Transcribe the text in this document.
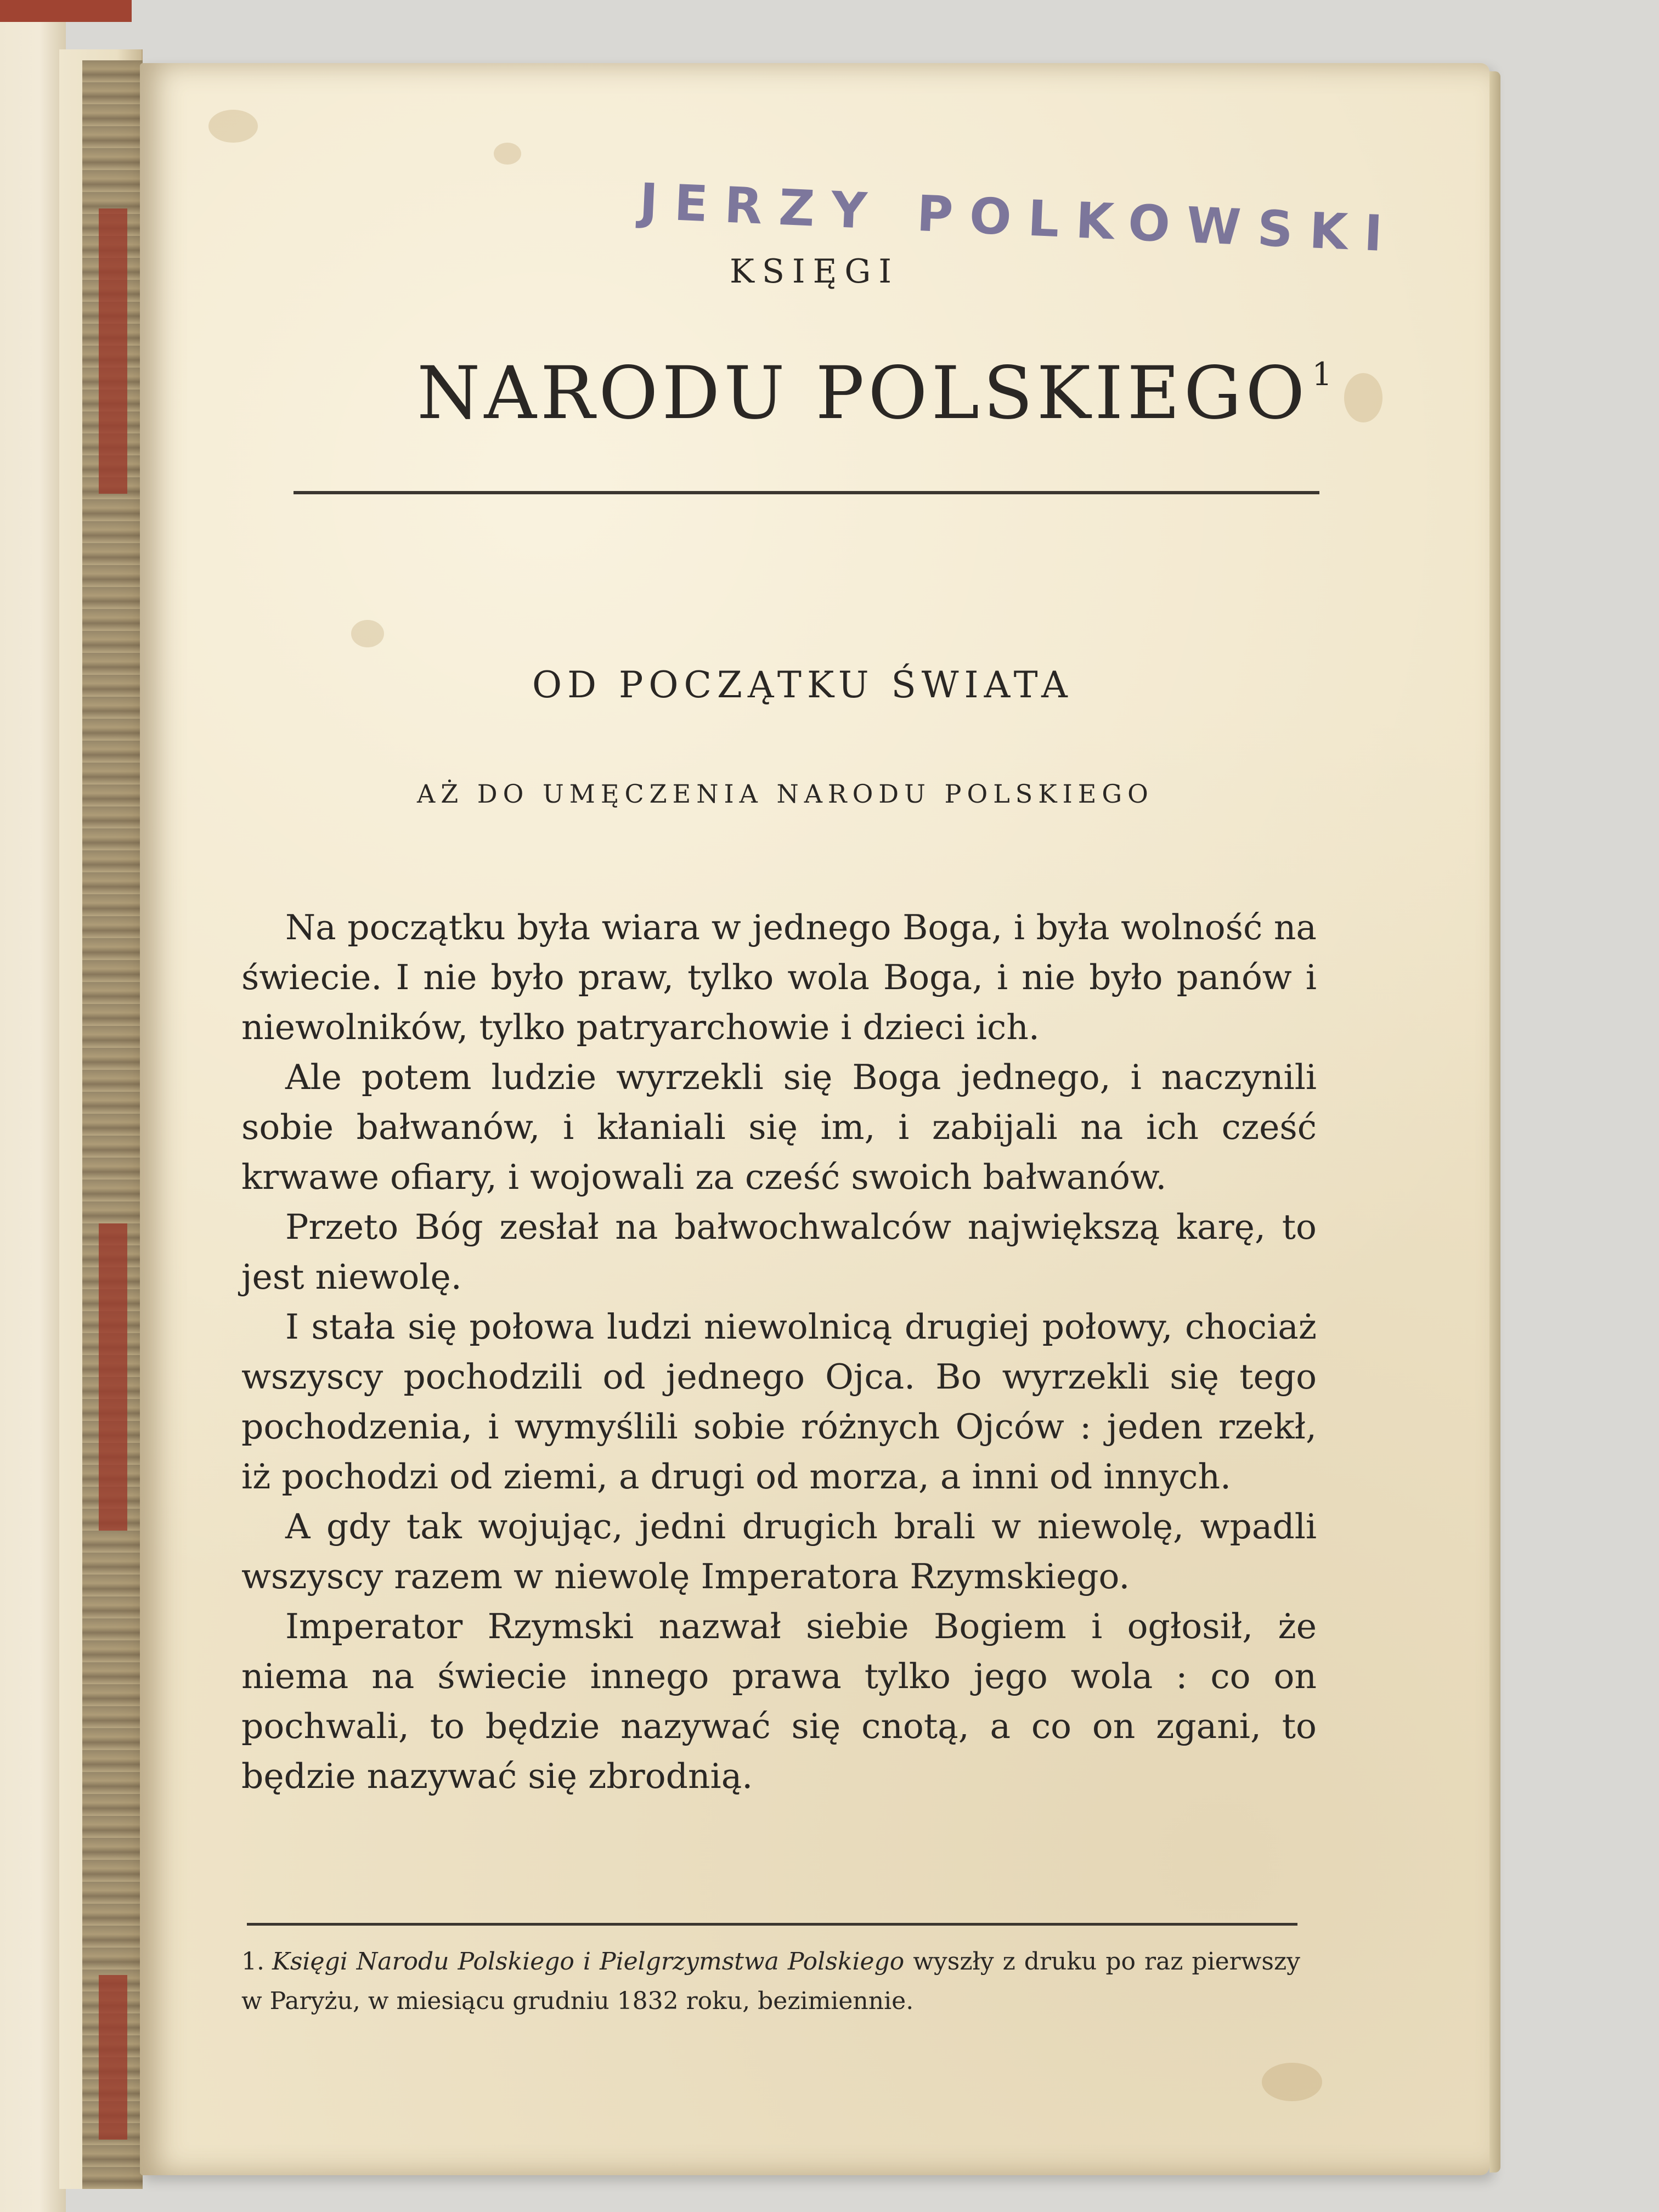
JERZY POLKOWSKI
KSIĘGI
NARODU POLSKIEGO $^1$
OD POCZĄTKU ŚWIATA
AŻ DO UMĘCZENIA NARODU POLSKIEGO

Na początku była wiara w jednego Boga, i była wolność na świecie. I nie było praw, tylko wola Boga, i nie było panów i niewolników, tylko patryarchowie i dzieci ich.

Ale potem ludzie wyrzekli się Boga jednego, i naczynili sobie bałwanów, i kłaniali się im, i zabijali na ich cześć krwawe ofiary, i wojowali za cześć swoich bałwanów.

Przeto Bóg zesłał na bałwochwalców największą karę, to jest niewolę.

I stała się połowa ludzi niewolnicą drugiej połowy, chociaż wszyscy pochodzili od jednego Ojca. Bo wyrzekli się tego pochodzenia, i wymyślili sobie różnych Ojców : jeden rzekł, iż pochodzi od ziemi, a drugi od morza, a inni od innych.

A gdy tak wojując, jedni drugich brali w niewolę, wpadli wszyscy razem w niewolę Imperatora Rzymskiego.

Imperator Rzymski nazwał siebie Bogiem i ogłosił, że niema na świecie innego prawa tylko jego wola : co on pochwali, to będzie nazywać się cnotą, a co on zgani, to będzie nazywać się zbrodnią.

1. Księgi Narodu Polskiego i Pielgrzymstwa Polskiego wyszły z druku po raz pierwszy w Paryżu, w miesiącu grudniu 1832 roku, bezimiennie.
